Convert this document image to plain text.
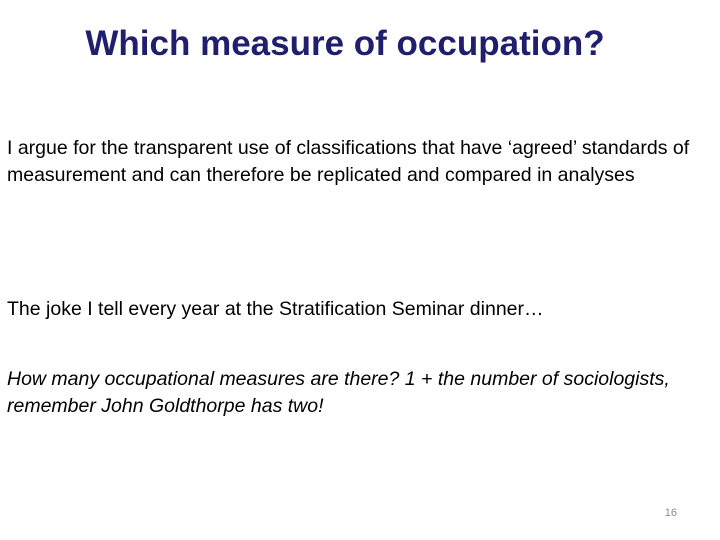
Which measure of occupation?

I argue for the transparent use of classifications that have ‘agreed’ standards of measurement and can therefore be replicated and compared in analyses

The joke I tell every year at the Stratification Seminar dinner…

How many occupational measures are there? 1 + the number of sociologists, remember John Goldthorpe has two!

16
